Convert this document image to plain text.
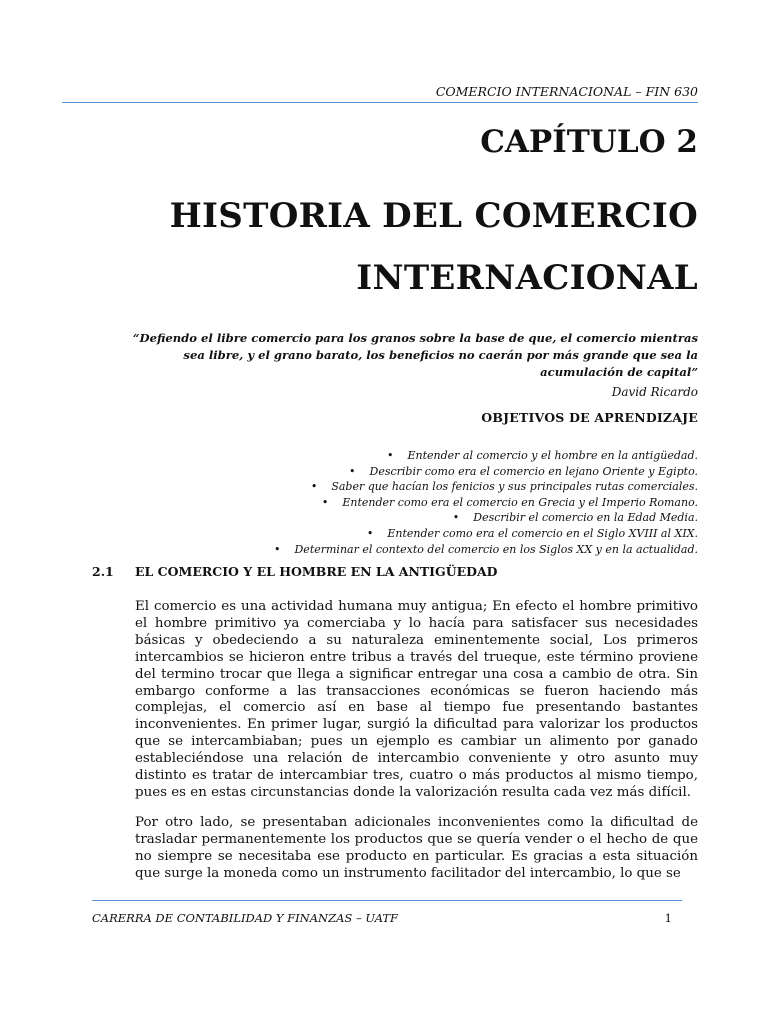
COMERCIO INTERNACIONAL – FIN 630
CAPÍTULO 2
HISTORIA DEL COMERCIO
INTERNACIONAL
“Defiendo el libre comercio para los granos sobre la base de que, el comercio mientras sea libre, y el grano barato, los beneficios no caerán por más grande que sea la acumulación de capital”
David Ricardo
OBJETIVOS DE APRENDIZAJE
• Entender al comercio y el hombre en la antigüedad.
• Describir como era el comercio en lejano Oriente y Egipto.
• Saber que hacían los fenicios y sus principales rutas comerciales.
• Entender como era el comercio en Grecia y el Imperio Romano.
• Describir el comercio en la Edad Media.
• Entender como era el comercio en el Siglo XVIII al XIX.
• Determinar el contexto del comercio en los Siglos XX y en la actualidad.
2.1 EL COMERCIO Y EL HOMBRE EN LA ANTIGÜEDAD
El comercio es una actividad humana muy antigua; En efecto el hombre primitivo el hombre primitivo ya comerciaba y lo hacía para satisfacer sus necesidades básicas y obedeciendo a su naturaleza eminentemente social, Los primeros intercambios se hicieron entre tribus a través del trueque, este término proviene del termino trocar que llega a significar entregar una cosa a cambio de otra. Sin embargo conforme a las transacciones económicas se fueron haciendo más complejas, el comercio así en base al tiempo fue presentando bastantes inconvenientes. En primer lugar, surgió la dificultad para valorizar los productos que se intercambiaban; pues un ejemplo es cambiar un alimento por ganado estableciéndose una relación de intercambio conveniente y otro asunto muy distinto es tratar de intercambiar tres, cuatro o más productos al mismo tiempo, pues es en estas circunstancias donde la valorización resulta cada vez más difícil.
Por otro lado, se presentaban adicionales inconvenientes como la dificultad de trasladar permanentemente los productos que se quería vender o el hecho de que no siempre se necesitaba ese producto en particular. Es gracias a esta situación que surge la moneda como un instrumento facilitador del intercambio, lo que se
CARERRA DE CONTABILIDAD Y FINANZAS – UATF	1
